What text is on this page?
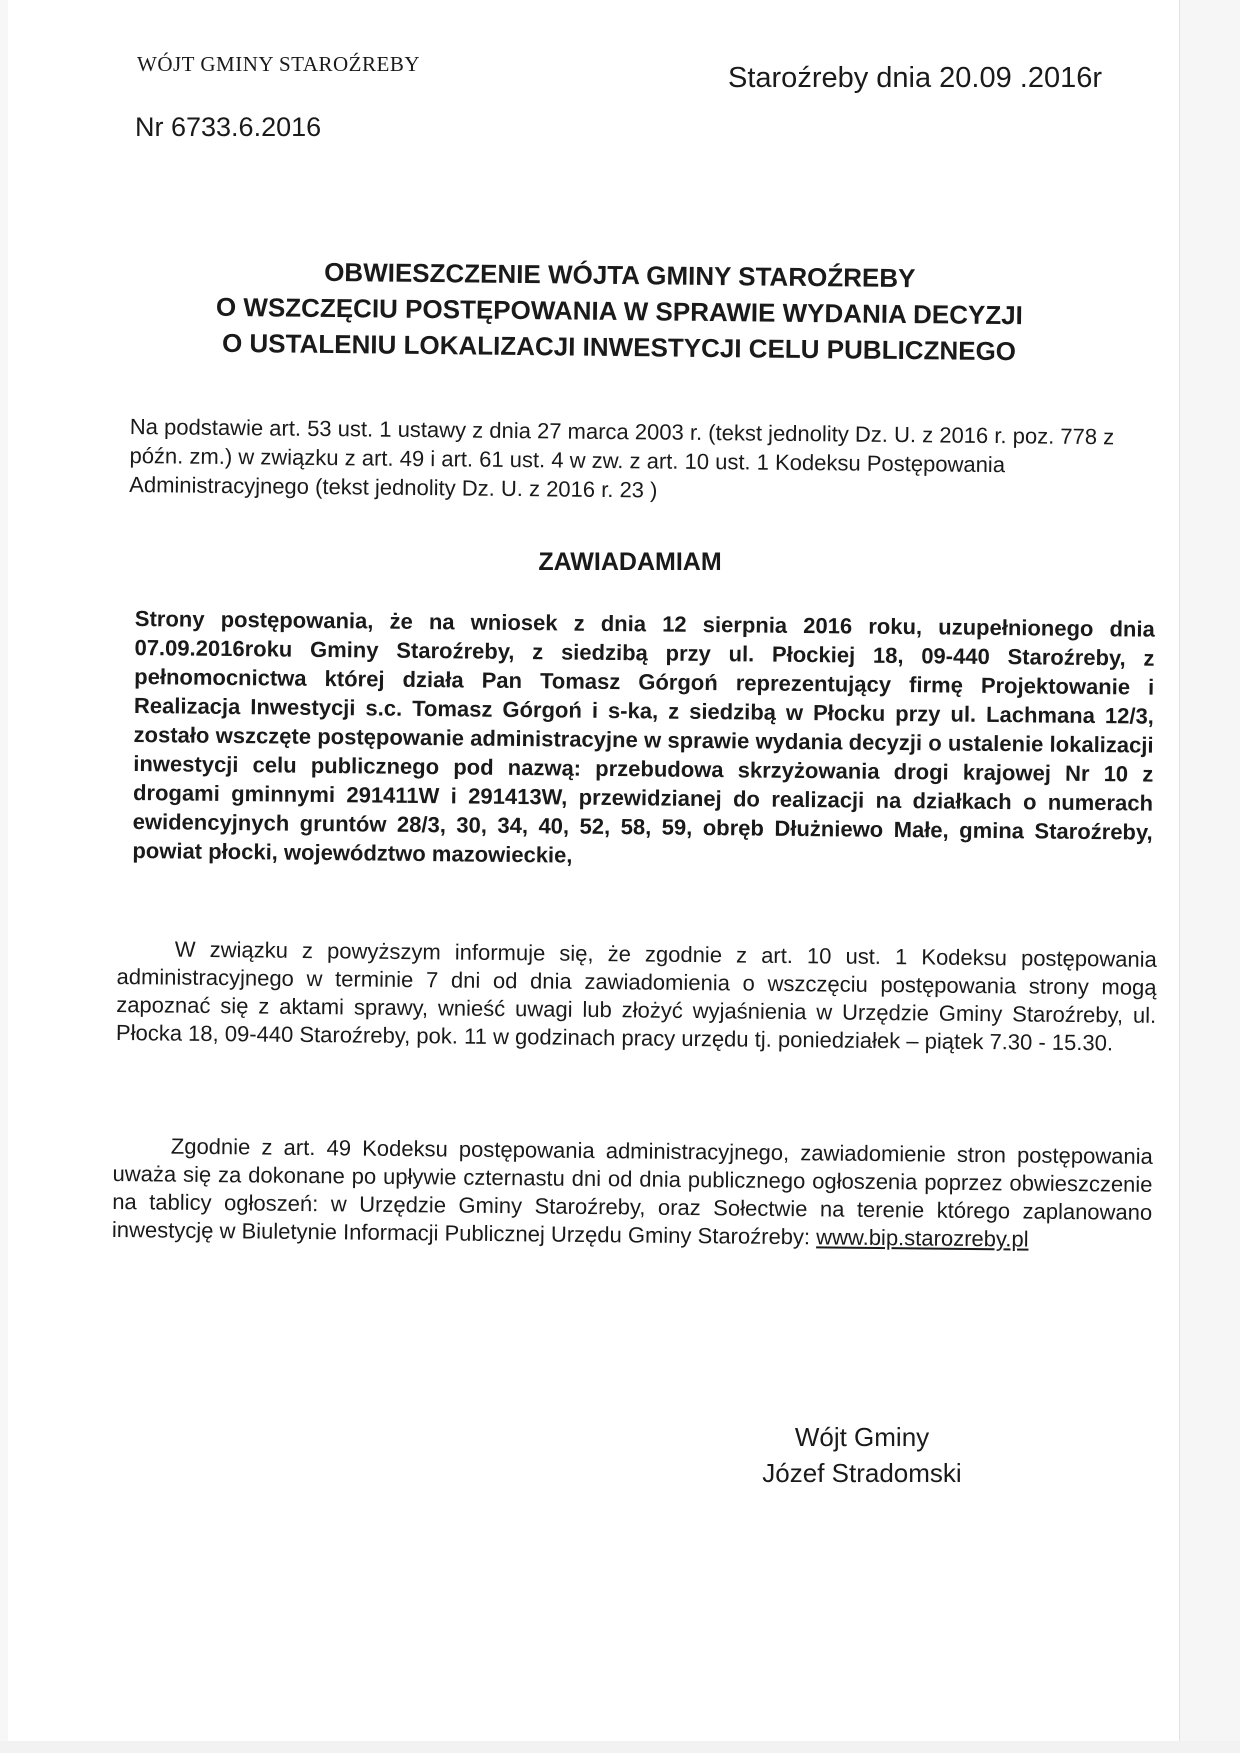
WÓJT GMINY STAROŹREBY	Staroźreby dnia 20.09 .2016r
Nr 6733.6.2016
OBWIESZCZENIE WÓJTA GMINY STAROŹREBY
O WSZCZĘCIU POSTĘPOWANIA W SPRAWIE WYDANIA DECYZJI
O USTALENIU LOKALIZACJI INWESTYCJI CELU PUBLICZNEGO
Na podstawie art. 53 ust. 1 ustawy z dnia 27 marca 2003 r. (tekst jednolity Dz. U. z 2016 r. poz. 778 z późn. zm.) w związku z art. 49 i art. 61 ust. 4 w zw. z art. 10 ust. 1 Kodeksu Postępowania Administracyjnego (tekst jednolity Dz. U. z 2016 r. 23 )
ZAWIADAMIAM
Strony postępowania, że na wniosek z dnia 12 sierpnia 2016 roku, uzupełnionego dnia 07.09.2016roku Gminy Staroźreby, z siedzibą przy ul. Płockiej 18, 09-440 Staroźreby, z pełnomocnictwa której działa Pan Tomasz Górgoń reprezentujący firmę Projektowanie i Realizacja Inwestycji s.c. Tomasz Górgoń i s-ka, z siedzibą w Płocku przy ul. Lachmana 12/3, zostało wszczęte postępowanie administracyjne w sprawie wydania decyzji o ustalenie lokalizacji inwestycji celu publicznego pod nazwą: przebudowa skrzyżowania drogi krajowej Nr 10 z drogami gminnymi 291411W i 291413W, przewidzianej do realizacji na działkach o numerach ewidencyjnych gruntów 28/3, 30, 34, 40, 52, 58, 59, obręb Dłużniewo Małe, gmina Staroźreby, powiat płocki, województwo mazowieckie,
W związku z powyższym informuje się, że zgodnie z art. 10 ust. 1 Kodeksu postępowania administracyjnego w terminie 7 dni od dnia zawiadomienia o wszczęciu postępowania strony mogą zapoznać się z aktami sprawy, wnieść uwagi lub złożyć wyjaśnienia w Urzędzie Gminy Staroźreby, ul. Płocka 18, 09-440 Staroźreby, pok. 11 w godzinach pracy urzędu tj. poniedziałek – piątek 7.30 - 15.30.
Zgodnie z art. 49 Kodeksu postępowania administracyjnego, zawiadomienie stron postępowania uważa się za dokonane po upływie czternastu dni od dnia publicznego ogłoszenia poprzez obwieszczenie na tablicy ogłoszeń: w Urzędzie Gminy Staroźreby, oraz Sołectwie na terenie którego zaplanowano inwestycję w Biuletynie Informacji Publicznej Urzędu Gminy Staroźreby: www.bip.starozreby.pl
Wójt Gminy
Józef Stradomski
